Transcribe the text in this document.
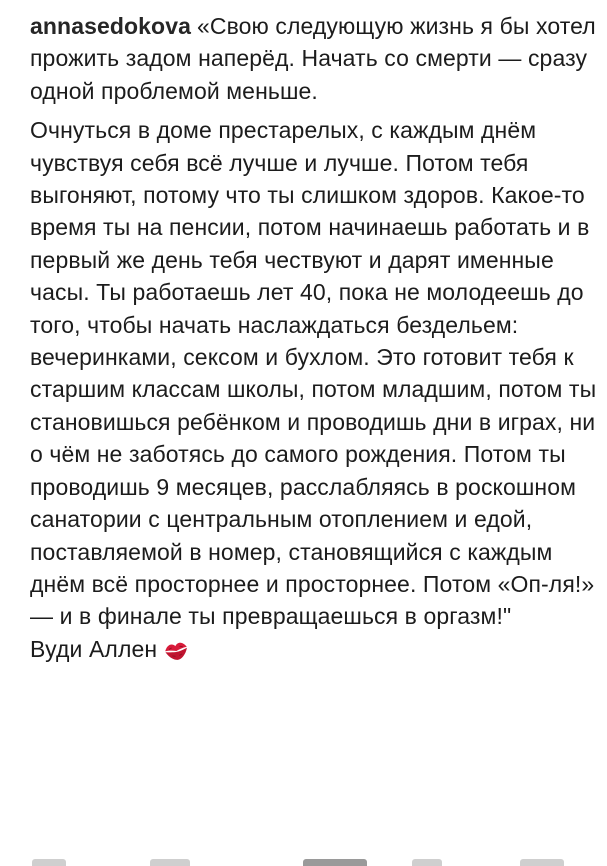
annasedokova «Свою следующую жизнь я бы хотел прожить задом наперёд. Начать со смерти — сразу одной проблемой меньше.

Очнуться в доме престарелых, с каждым днём чувствуя себя всё лучше и лучше. Потом тебя выгоняют, потому что ты слишком здоров. Какое-то время ты на пенсии, потом начинаешь работать и в первый же день тебя чествуют и дарят именные часы. Ты работаешь лет 40, пока не молодеешь до того, чтобы начать наслаждаться бездельем: вечеринками, сексом и бухлом. Это готовит тебя к старшим классам школы, потом младшим, потом ты становишься ребёнком и проводишь дни в играх, ни о чём не заботясь до самого рождения. Потом ты проводишь 9 месяцев, расслабляясь в роскошном санатории с центральным отоплением и едой, поставляемой в номер, становящийся с каждым днём всё просторнее и просторнее. Потом «Оп-ля!» — и в финале ты превращаешься в оргазм!"

Вуди Аллен
